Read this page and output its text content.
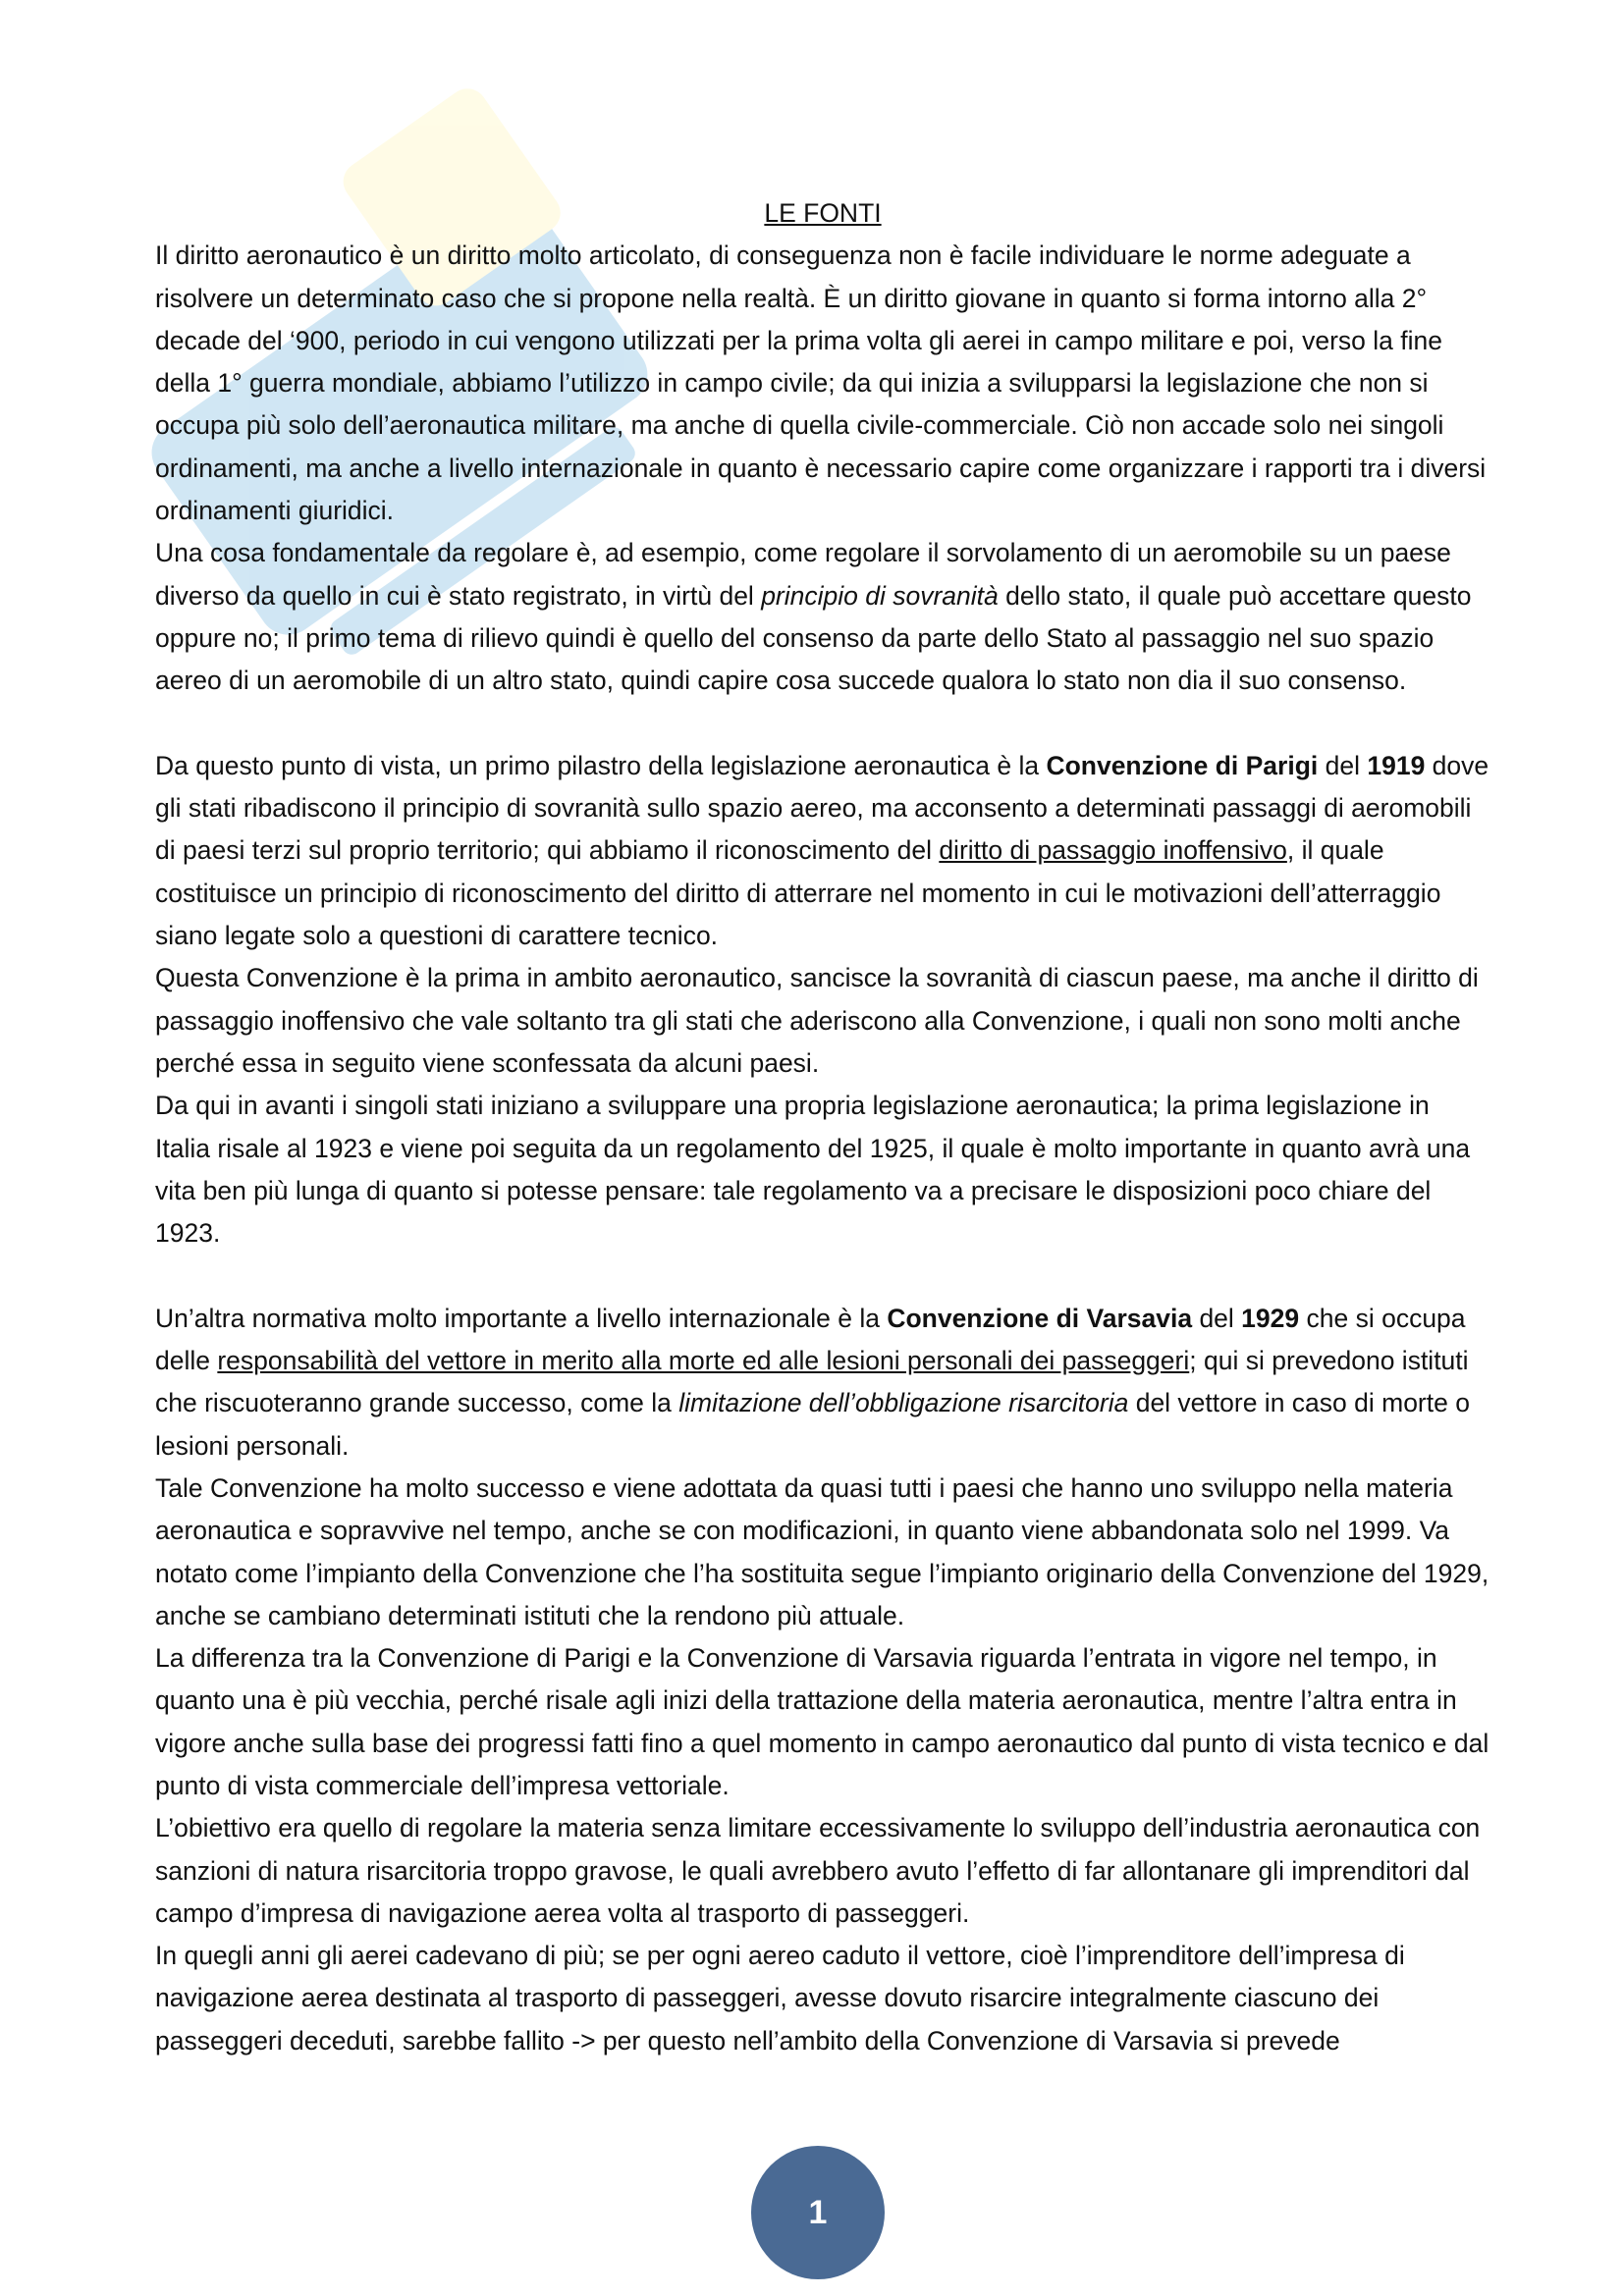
LE FONTI

Il diritto aeronautico è un diritto molto articolato, di conseguenza non è facile individuare le norme adeguate a risolvere un determinato caso che si propone nella realtà. È un diritto giovane in quanto si forma intorno alla 2° decade del ‘900, periodo in cui vengono utilizzati per la prima volta gli aerei in campo militare e poi, verso la fine della 1° guerra mondiale, abbiamo l’utilizzo in campo civile; da qui inizia a svilupparsi la legislazione che non si occupa più solo dell’aeronautica militare, ma anche di quella civile-commerciale. Ciò non accade solo nei singoli ordinamenti, ma anche a livello internazionale in quanto è necessario capire come organizzare i rapporti tra i diversi ordinamenti giuridici.

Una cosa fondamentale da regolare è, ad esempio, come regolare il sorvolamento di un aeromobile su un paese diverso da quello in cui è stato registrato, in virtù del principio di sovranità dello stato, il quale può accettare questo oppure no; il primo tema di rilievo quindi è quello del consenso da parte dello Stato al passaggio nel suo spazio aereo di un aeromobile di un altro stato, quindi capire cosa succede qualora lo stato non dia il suo consenso.

Da questo punto di vista, un primo pilastro della legislazione aeronautica è la Convenzione di Parigi del 1919 dove gli stati ribadiscono il principio di sovranità sullo spazio aereo, ma acconsento a determinati passaggi di aeromobili di paesi terzi sul proprio territorio; qui abbiamo il riconoscimento del diritto di passaggio inoffensivo, il quale costituisce un principio di riconoscimento del diritto di atterrare nel momento in cui le motivazioni dell’atterraggio siano legate solo a questioni di carattere tecnico.

Questa Convenzione è la prima in ambito aeronautico, sancisce la sovranità di ciascun paese, ma anche il diritto di passaggio inoffensivo che vale soltanto tra gli stati che aderiscono alla Convenzione, i quali non sono molti anche perché essa in seguito viene sconfessata da alcuni paesi.

Da qui in avanti i singoli stati iniziano a sviluppare una propria legislazione aeronautica; la prima legislazione in Italia risale al 1923 e viene poi seguita da un regolamento del 1925, il quale è molto importante in quanto avrà una vita ben più lunga di quanto si potesse pensare: tale regolamento va a precisare le disposizioni poco chiare del 1923.

Un’altra normativa molto importante a livello internazionale è la Convenzione di Varsavia del 1929 che si occupa delle responsabilità del vettore in merito alla morte ed alle lesioni personali dei passeggeri; qui si prevedono istituti che riscuoteranno grande successo, come la limitazione dell’obbligazione risarcitoria del vettore in caso di morte o lesioni personali.

Tale Convenzione ha molto successo e viene adottata da quasi tutti i paesi che hanno uno sviluppo nella materia aeronautica e sopravvive nel tempo, anche se con modificazioni, in quanto viene abbandonata solo nel 1999. Va notato come l’impianto della Convenzione che l’ha sostituita segue l’impianto originario della Convenzione del 1929, anche se cambiano determinati istituti che la rendono più attuale.

La differenza tra la Convenzione di Parigi e la Convenzione di Varsavia riguarda l’entrata in vigore nel tempo, in quanto una è più vecchia, perché risale agli inizi della trattazione della materia aeronautica, mentre l’altra entra in vigore anche sulla base dei progressi fatti fino a quel momento in campo aeronautico dal punto di vista tecnico e dal punto di vista commerciale dell’impresa vettoriale.

L’obiettivo era quello di regolare la materia senza limitare eccessivamente lo sviluppo dell’industria aeronautica con sanzioni di natura risarcitoria troppo gravose, le quali avrebbero avuto l’effetto di far allontanare gli imprenditori dal campo d’impresa di navigazione aerea volta al trasporto di passeggeri.

In quegli anni gli aerei cadevano di più; se per ogni aereo caduto il vettore, cioè l’imprenditore dell’impresa di navigazione aerea destinata al trasporto di passeggeri, avesse dovuto risarcire integralmente ciascuno dei passeggeri deceduti, sarebbe fallito -> per questo nell’ambito della Convenzione di Varsavia si prevede

1
